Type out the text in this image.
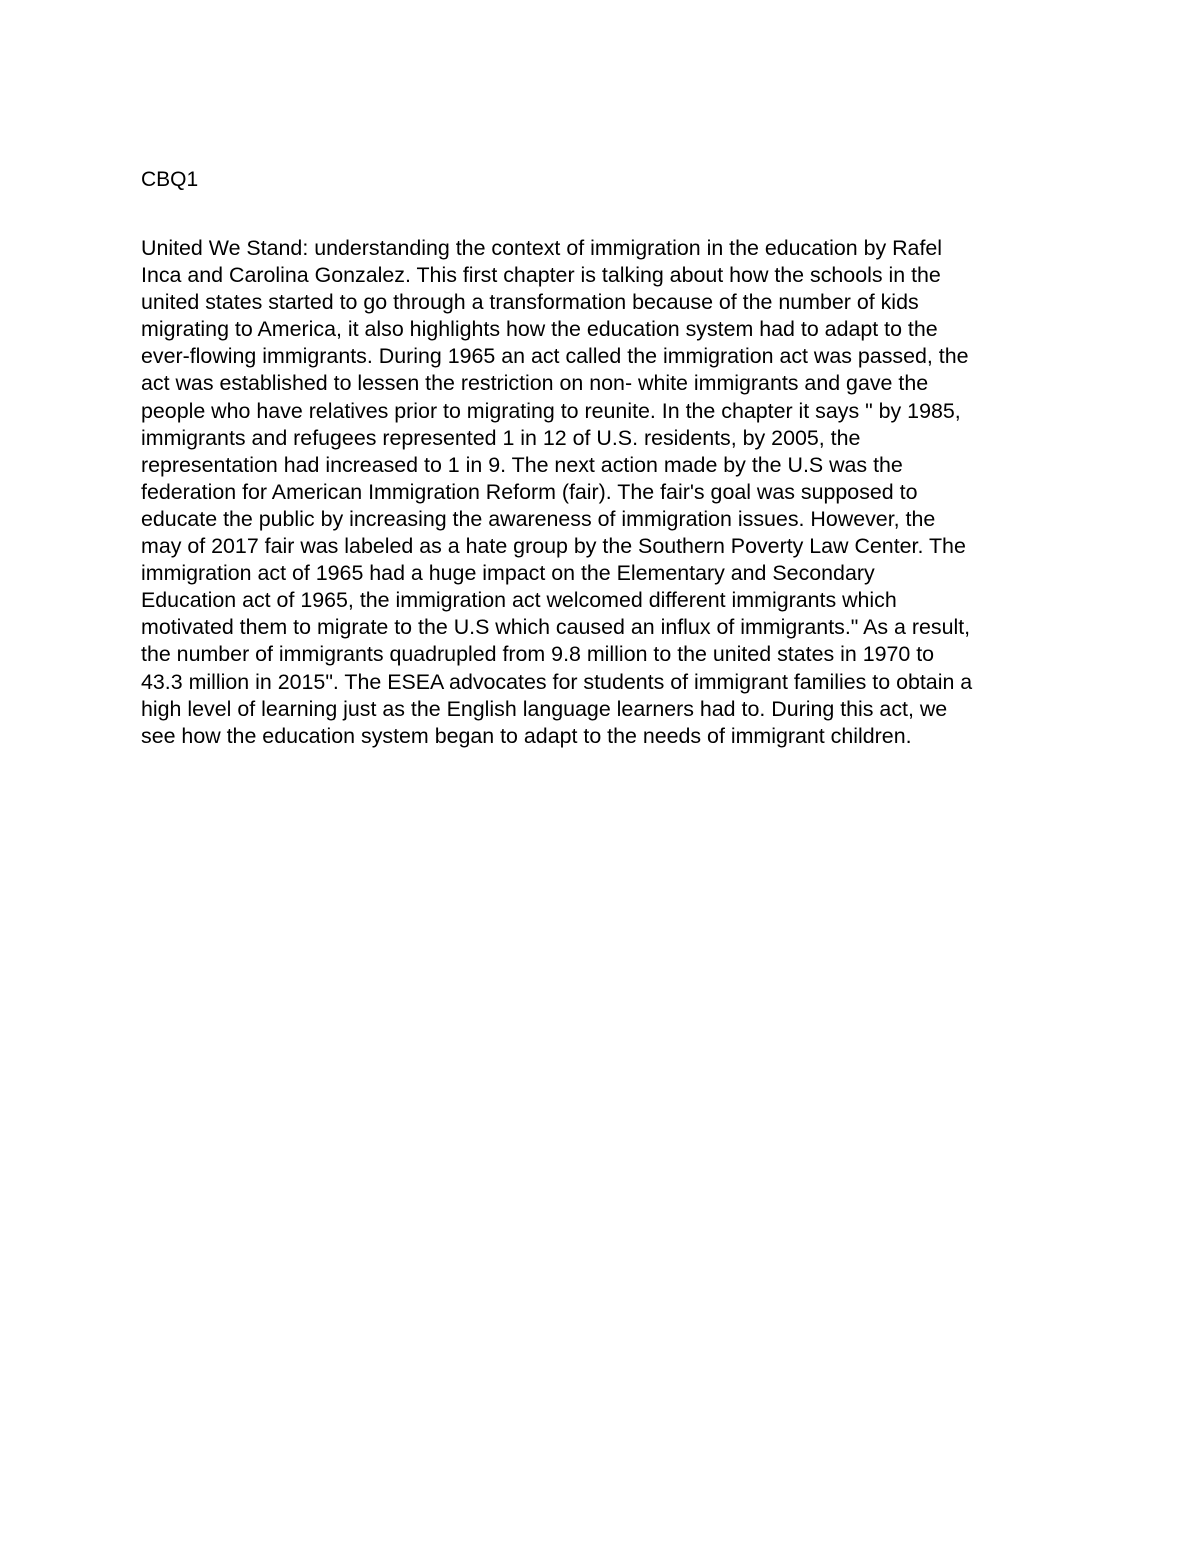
CBQ1

United We Stand: understanding the context of immigration in the education by Rafel
Inca and Carolina Gonzalez. This first chapter is talking about how the schools in the
united states started to go through a transformation because of the number of kids
migrating to America, it also highlights how the education system had to adapt to the
ever-flowing immigrants. During 1965 an act called the immigration act was passed, the
act was established to lessen the restriction on non- white immigrants and gave the
people who have relatives prior to migrating to reunite. In the chapter it says " by 1985,
immigrants and refugees represented 1 in 12 of U.S. residents, by 2005, the
representation had increased to 1 in 9. The next action made by the U.S was the
federation for American Immigration Reform (fair). The fair's goal was supposed to
educate the public by increasing the awareness of immigration issues. However, the
may of 2017 fair was labeled as a hate group by the Southern Poverty Law Center. The
immigration act of 1965 had a huge impact on the Elementary and Secondary
Education act of 1965, the immigration act welcomed different immigrants which
motivated them to migrate to the U.S which caused an influx of immigrants." As a result,
the number of immigrants quadrupled from 9.8 million to the united states in 1970 to
43.3 million in 2015". The ESEA advocates for students of immigrant families to obtain a
high level of learning just as the English language learners had to. During this act, we
see how the education system began to adapt to the needs of immigrant children.
